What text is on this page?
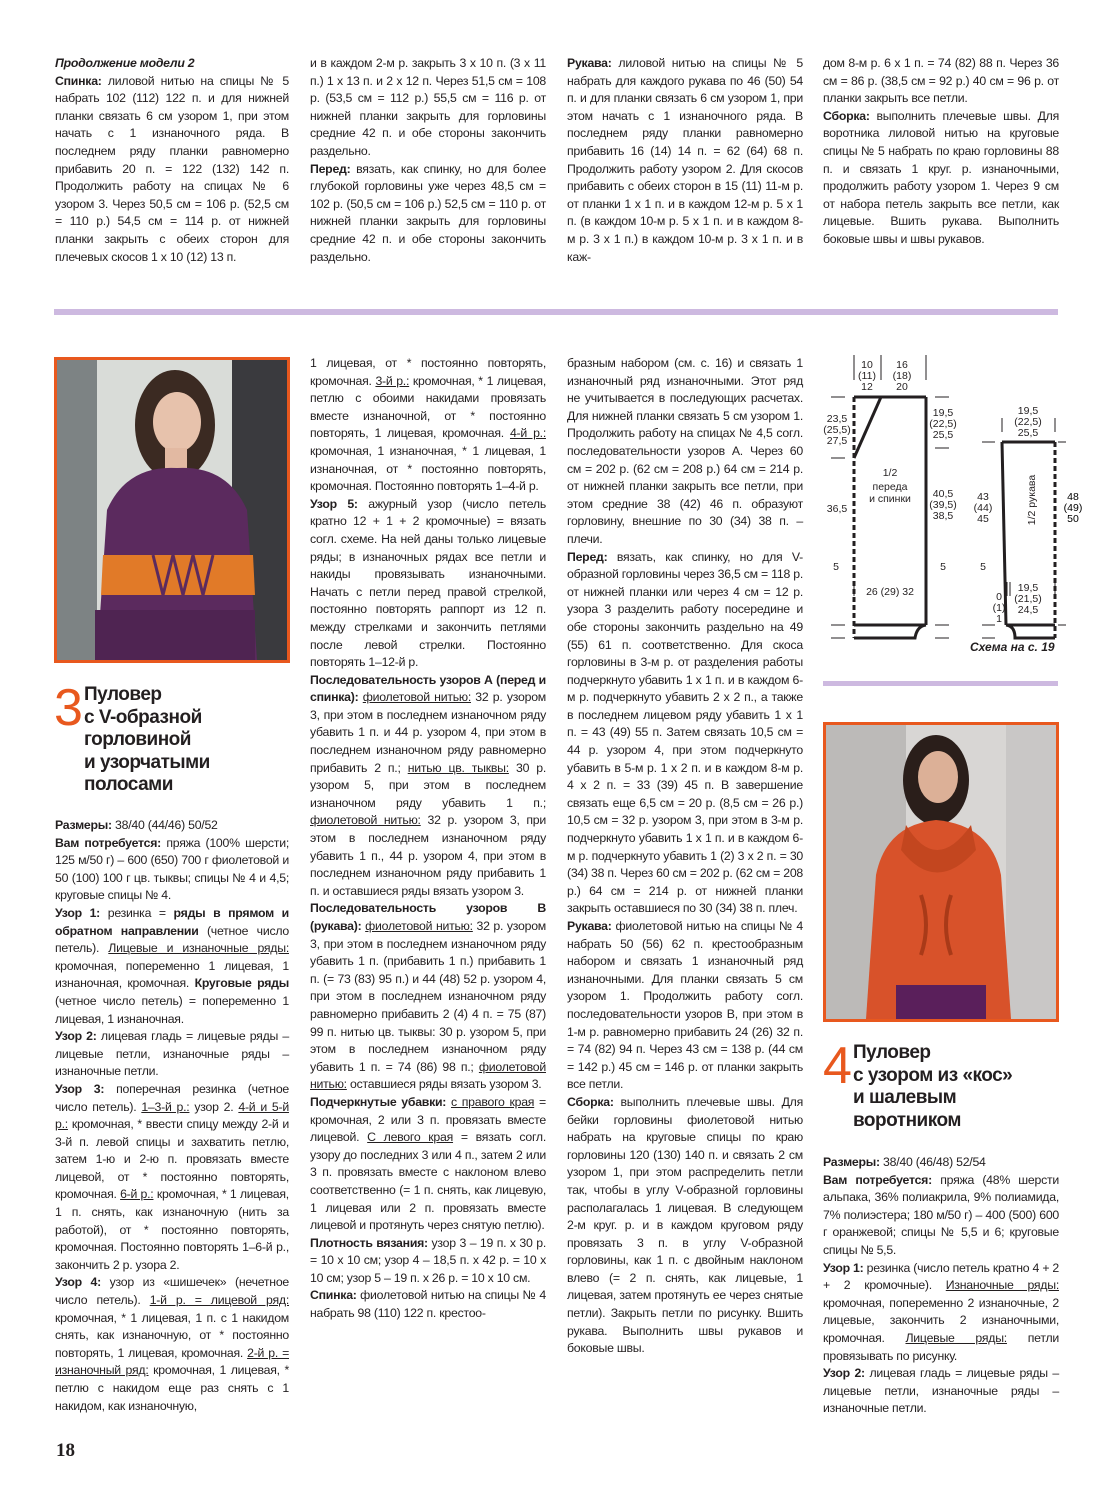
Продолжение модели 2

Спинка: лиловой нитью на спицы № 5 набрать 102 (112) 122 п. и для нижней планки связать 6 см узором 1, при этом начать с 1 изнаночного ряда. В последнем ряду планки равномерно прибавить 20 п. = 122 (132) 142 п. Продолжить работу на спицах № 6 узором 3. Через 50,5 см = 106 р. (52,5 см = 110 р.) 54,5 см = 114 р. от нижней планки закрыть с обеих сторон для плечевых скосов 1 x 10 (12) 13 п.

и в каждом 2-м р. закрыть 3 x 10 п. (3 x 11 п.) 1 x 13 п. и 2 x 12 п. Через 51,5 см = 108 р. (53,5 см = 112 р.) 55,5 см = 116 р. от нижней планки закрыть для горловины средние 42 п. и обе стороны закончить раздельно.

Перед: вязать, как спинку, но для более глубокой горловины уже через 48,5 см = 102 р. (50,5 см = 106 р.) 52,5 см = 110 р. от нижней планки закрыть для горловины средние 42 п. и обе стороны закончить раздельно.

Рукава: лиловой нитью на спицы № 5 набрать для каждого рукава по 46 (50) 54 п. и для планки связать 6 см узором 1, при этом начать с 1 изнаночного ряда. В последнем ряду планки равномерно прибавить 16 (14) 14 п. = 62 (64) 68 п. Продолжить работу узором 2. Для скосов прибавить с обеих сторон в 15 (11) 11-м р. от планки 1 x 1 п. и в каждом 12-м р. 5 x 1 п. (в каждом 10-м р. 5 x 1 п. и в каждом 8-м р. 3 x 1 п.) в каждом 10-м р. 3 x 1 п. и в каж-

дом 8-м р. 6 x 1 п. = 74 (82) 88 п. Через 36 см = 86 р. (38,5 см = 92 р.) 40 см = 96 р. от планки закрыть все петли.

Сборка: выполнить плечевые швы. Для воротника лиловой нитью на круговые спицы № 5 набрать по краю горловины 88 п. и связать 1 круг. р. изнаночными, продолжить работу узором 1. Через 9 см от набора петель закрыть все петли, как лицевые. Вшить рукава. Выполнить боковые швы и швы рукавов.

3 Пуловер
с V-образной
горловиной
и узорчатыми
полосами

Размеры: 38/40 (44/46) 50/52

Вам потребуется: пряжа (100% шерсти; 125 м/50 г) – 600 (650) 700 г фиолетовой и 50 (100) 100 г цв. тыквы; спицы № 4 и 4,5; круговые спицы № 4.

Узор 1: резинка = ряды в прямом и обратном направлении (четное число петель). Лицевые и изнаночные ряды: кромочная, попеременно 1 лицевая, 1 изнаночная, кромочная. Круговые ряды (четное число петель) = попеременно 1 лицевая, 1 изнаночная.

Узор 2: лицевая гладь = лицевые ряды – лицевые петли, изнаночные ряды – изнаночные петли.

Узор 3: поперечная резинка (четное число петель). 1–3-й р.: узор 2. 4-й и 5-й р.: кромочная, * ввести спицу между 2-й и 3-й п. левой спицы и захватить петлю, затем 1-ю и 2-ю п. провязать вместе лицевой, от * постоянно повторять, кромочная. 6-й р.: кромочная, * 1 лицевая, 1 п. снять, как изнаночную (нить за работой), от * постоянно повторять, кромочная. Постоянно повторять 1–6-й р., закончить 2 р. узора 2.

Узор 4: узор из «шишечек» (нечетное число петель). 1-й р. = лицевой ряд: кромочная, * 1 лицевая, 1 п. с 1 накидом снять, как изнаночную, от * постоянно повторять, 1 лицевая, кромочная. 2-й р. = изнаночный ряд: кромочная, 1 лицевая, * петлю с накидом еще раз снять с 1 накидом, как изнаночную,

1 лицевая, от * постоянно повторять, кромочная. 3-й р.: кромочная, * 1 лицевая, петлю с обоими накидами провязать вместе изнаночной, от * постоянно повторять, 1 лицевая, кромочная. 4-й р.: кромочная, 1 изнаночная, * 1 лицевая, 1 изнаночная, от * постоянно повторять, кромочная. Постоянно повторять 1–4-й р.

Узор 5: ажурный узор (число петель кратно 12 + 1 + 2 кромочные) = вязать согл. схеме. На ней даны только лицевые ряды; в изнаночных рядах все петли и накиды провязывать изнаночными. Начать с петли перед правой стрелкой, постоянно повторять раппорт из 12 п. между стрелками и закончить петлями после левой стрелки. Постоянно повторять 1–12-й р.

Последовательность узоров А (перед и спинка): фиолетовой нитью: 32 р. узором 3, при этом в последнем изнаночном ряду убавить 1 п. и 44 р. узором 4, при этом в последнем изнаночном ряду равномерно прибавить 2 п.; нитью цв. тыквы: 30 р. узором 5, при этом в последнем изнаночном ряду убавить 1 п.; фиолетовой нитью: 32 р. узором 3, при этом в последнем изнаночном ряду убавить 1 п., 44 р. узором 4, при этом в последнем изнаночном ряду прибавить 1 п. и оставшиеся ряды вязать узором 3.

Последовательность узоров В (рукава): фиолетовой нитью: 32 р. узором 3, при этом в последнем изнаночном ряду убавить 1 п. (прибавить 1 п.) прибавить 1 п. (= 73 (83) 95 п.) и 44 (48) 52 р. узором 4, при этом в последнем изнаночном ряду равномерно прибавить 2 (4) 4 п. = 75 (87) 99 п. нитью цв. тыквы: 30 р. узором 5, при этом в последнем изнаночном ряду убавить 1 п. = 74 (86) 98 п.; фиолетовой нитью: оставшиеся ряды вязать узором 3.

Подчеркнутые убавки: с правого края = кромочная, 2 или 3 п. провязать вместе лицевой. С левого края = вязать согл. узору до последних 3 или 4 п., затем 2 или 3 п. провязать вместе с наклоном влево соответственно (= 1 п. снять, как лицевую, 1 лицевая или 2 п. провязать вместе лицевой и протянуть через снятую петлю).

Плотность вязания: узор 3 – 19 п. x 30 р. = 10 x 10 см; узор 4 – 18,5 п. x 42 р. = 10 x 10 см; узор 5 – 19 п. x 26 р. = 10 x 10 см.

Спинка: фиолетовой нитью на спицы № 4 набрать 98 (110) 122 п. крестоо-

бразным набором (см. с. 16) и связать 1 изнаночный ряд изнаночными. Этот ряд не учитывается в последующих расчетах. Для нижней планки связать 5 см узором 1. Продолжить работу на спицах № 4,5 согл. последовательности узоров А. Через 60 см = 202 р. (62 см = 208 р.) 64 см = 214 р. от нижней планки закрыть все петли, при этом средние 38 (42) 46 п. образуют горловину, внешние по 30 (34) 38 п. – плечи.

Перед: вязать, как спинку, но для V-образной горловины через 36,5 см = 118 р. от нижней планки или через 4 см = 12 р. узора 3 разделить работу посередине и обе стороны закончить раздельно на 49 (55) 61 п. соответственно. Для скоса горловины в 3-м р. от разделения работы подчеркнуто убавить 1 x 1 п. и в каждом 6-м р. подчеркнуто убавить 2 x 2 п., а также в последнем лицевом ряду убавить 1 x 1 п. = 43 (49) 55 п. Затем связать 10,5 см = 44 р. узором 4, при этом подчеркнуто убавить в 5-м р. 1 x 2 п. и в каждом 8-м р. 4 x 2 п. = 33 (39) 45 п. В завершение связать еще 6,5 см = 20 р. (8,5 см = 26 р.) 10,5 см = 32 р. узором 3, при этом в 3-м р. подчеркнуто убавить 1 x 1 п. и в каждом 6-м р. подчеркнуто убавить 1 (2) 3 x 2 п. = 30 (34) 38 п. Через 60 см = 202 р. (62 см = 208 р.) 64 см = 214 р. от нижней планки закрыть оставшиеся по 30 (34) 38 п. плеч.

Рукава: фиолетовой нитью на спицы № 4 набрать 50 (56) 62 п. крестообразным набором и связать 1 изнаночный ряд изнаночными. Для планки связать 5 см узором 1. Продолжить работу согл. последовательности узоров В, при этом в 1-м р. равномерно прибавить 24 (26) 32 п. = 74 (82) 94 п. Через 43 см = 138 р. (44 см = 142 р.) 45 см = 146 р. от планки закрыть все петли.

Сборка: выполнить плечевые швы. Для бейки горловины фиолетовой нитью набрать на круговые спицы по краю горловины 120 (130) 140 п. и связать 2 см узором 1, при этом распределить петли так, чтобы в углу V-образной горловины располагалась 1 лицевая. В следующем 2-м круг. р. и в каждом круговом ряду провязать 3 п. в углу V-образной горловины, как 1 п. с двойным наклоном влево (= 2 п. снять, как лицевые, 1 лицевая, затем протянуть ее через снятые петли). Закрыть петли по рисунку. Вшить рукава. Выполнить швы рукавов и боковые швы.

10
(11)
12
16
(18)
20
23,5
(25,5)
27,5
36,5
5
19,5
(22,5)
25,5
40,5
(39,5)
38,5
5
26 (29) 32
1/2
переда
и спинки
19,5
(22,5)
25,5
43
(44)
45
5
19,5
(21,5)
24,5
0
(1)
1
1/2 рукава	48
(49)
50
Схема на с. 19
4 Пуловер
с узором из «кос»
и шалевым
воротником

Размеры: 38/40 (46/48) 52/54

Вам потребуется: пряжа (48% шерсти альпака, 36% полиакрила, 9% полиамида, 7% полиэстера; 180 м/50 г) – 400 (500) 600 г оранжевой; спицы № 5,5 и 6; круговые спицы № 5,5.

Узор 1: резинка (число петель кратно 4 + 2 + 2 кромочные). Изнаночные ряды: кромочная, попеременно 2 изнаночные, 2 лицевые, закончить 2 изнаночными, кромочная. Лицевые ряды: петли провязывать по рисунку.

Узор 2: лицевая гладь = лицевые ряды – лицевые петли, изнаночные ряды – изнаночные петли.

18
